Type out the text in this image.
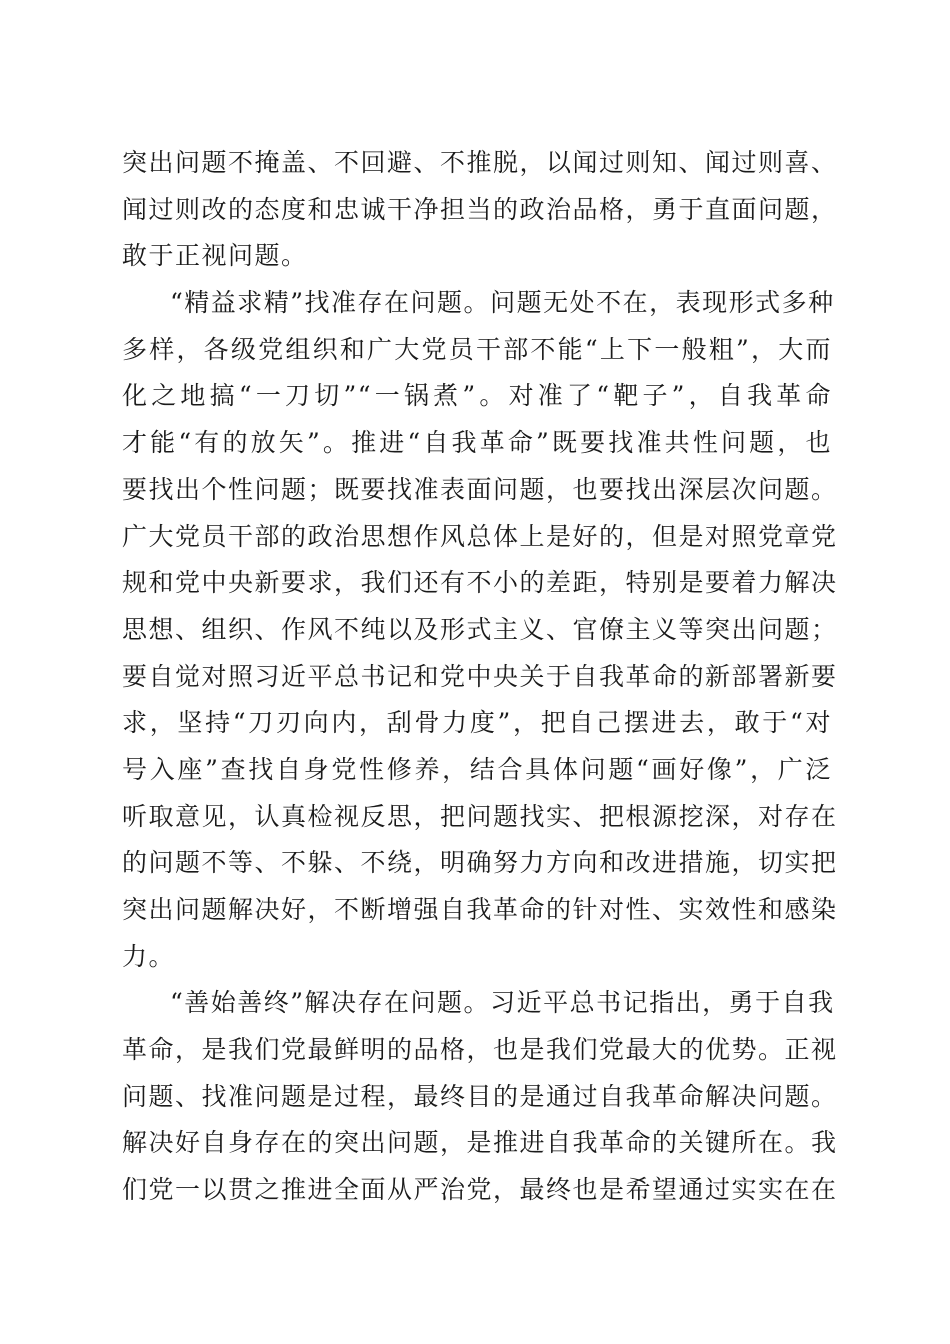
突出问题不掩盖、不回避、不推脱，以闻过则知、闻过则喜、
闻过则改的态度和忠诚干净担当的政治品格，勇于直面问题，
敢于正视问题。
“精益求精”找准存在问题。问题无处不在，表现形式多种
多样，各级党组织和广大党员干部不能“上下一般粗”，大而
化之地搞“一刀切”“一锅煮”。对准了“靶子”，自我革命
才能“有的放矢”。推进“自我革命”既要找准共性问题，也
要找出个性问题；既要找准表面问题，也要找出深层次问题。
广大党员干部的政治思想作风总体上是好的，但是对照党章党
规和党中央新要求，我们还有不小的差距，特别是要着力解决
思想、组织、作风不纯以及形式主义、官僚主义等突出问题；
要自觉对照习近平总书记和党中央关于自我革命的新部署新要
求，坚持“刀刃向内，刮骨力度”，把自己摆进去，敢于“对
号入座”查找自身党性修养，结合具体问题“画好像”，广泛
听取意见，认真检视反思，把问题找实、把根源挖深，对存在
的问题不等、不躲、不绕，明确努力方向和改进措施，切实把
突出问题解决好，不断增强自我革命的针对性、实效性和感染
力。
“善始善终”解决存在问题。习近平总书记指出，勇于自我
革命，是我们党最鲜明的品格，也是我们党最大的优势。正视
问题、找准问题是过程，最终目的是通过自我革命解决问题。
解决好自身存在的突出问题，是推进自我革命的关键所在。我
们党一以贯之推进全面从严治党，最终也是希望通过实实在在
